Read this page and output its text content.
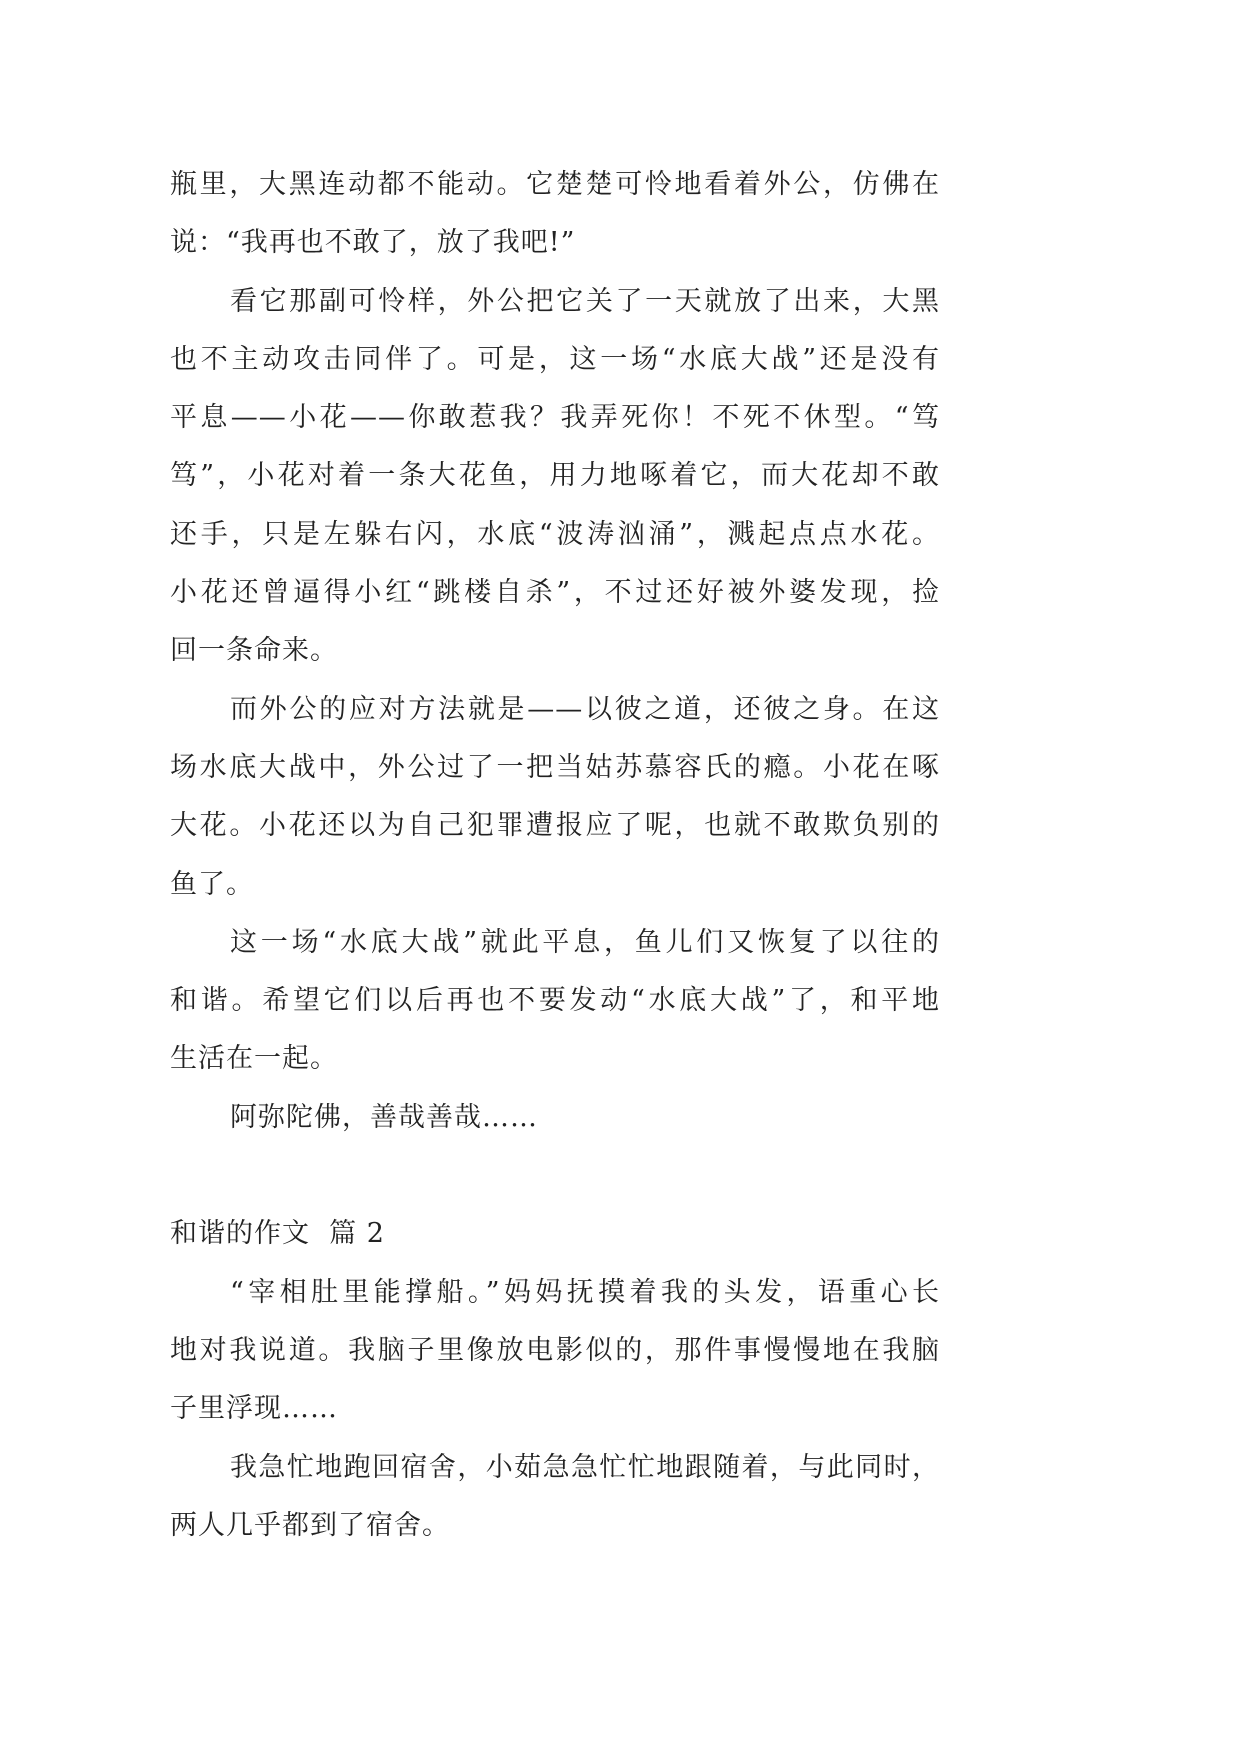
瓶里，大黑连动都不能动。它楚楚可怜地看着外公，仿佛在
说：“我再也不敢了，放了我吧!”
看它那副可怜样，外公把它关了一天就放了出来，大黑
也不主动攻击同伴了。可是，这一场“水底大战”还是没有
平息——小花——你敢惹我？我弄死你！不死不休型。“笃
笃”，小花对着一条大花鱼，用力地啄着它，而大花却不敢
还手，只是左躲右闪，水底“波涛汹涌”，溅起点点水花。
小花还曾逼得小红“跳楼自杀”，不过还好被外婆发现，捡
回一条命来。
而外公的应对方法就是——以彼之道，还彼之身。在这
场水底大战中，外公过了一把当姑苏慕容氏的瘾。小花在啄
大花。小花还以为自己犯罪遭报应了呢，也就不敢欺负别的
鱼了。
这一场“水底大战”就此平息，鱼儿们又恢复了以往的
和谐。希望它们以后再也不要发动“水底大战”了，和平地
生活在一起。
阿弥陀佛，善哉善哉……
和谐的作文  篇 2
“宰相肚里能撑船。”妈妈抚摸着我的头发，语重心长
地对我说道。我脑子里像放电影似的，那件事慢慢地在我脑
子里浮现……
我急忙地跑回宿舍，小茹急急忙忙地跟随着，与此同时，
两人几乎都到了宿舍。
